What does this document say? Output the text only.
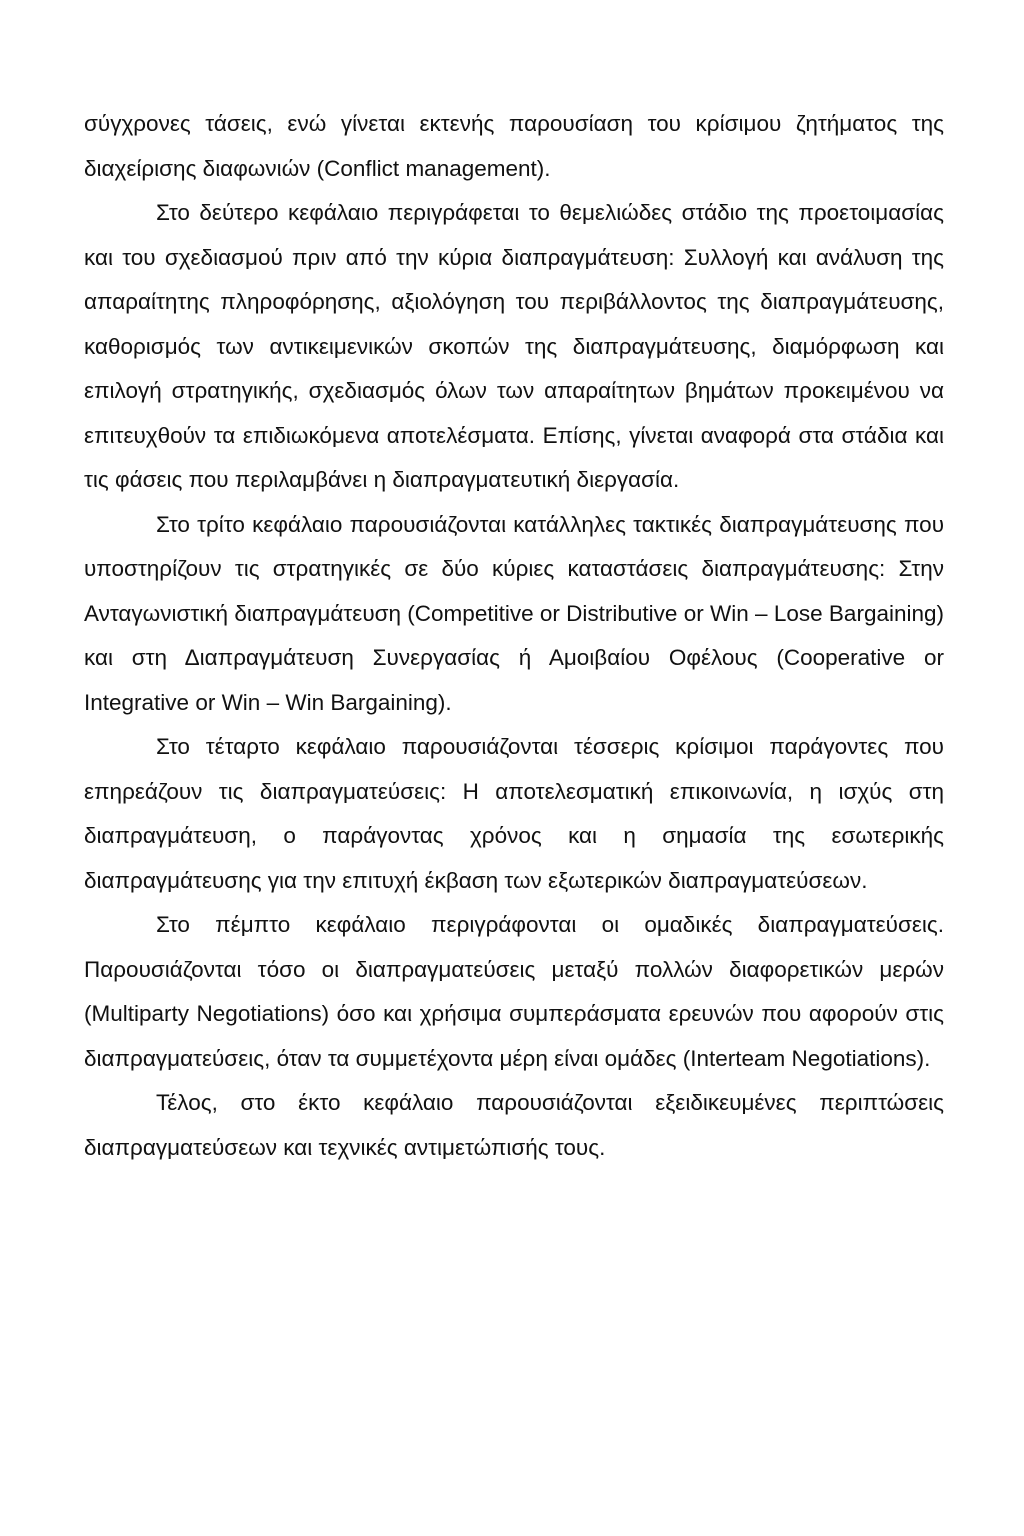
σύγχρονες τάσεις, ενώ γίνεται εκτενής παρουσίαση του κρίσιμου ζητήματος της διαχείρισης διαφωνιών (Conflict management).

Στο δεύτερο κεφάλαιο περιγράφεται το θεμελιώδες στάδιο της προετοιμασίας και του σχεδιασμού πριν από την κύρια διαπραγμάτευση: Συλλογή και ανάλυση της απαραίτητης πληροφόρησης, αξιολόγηση του περιβάλλοντος της διαπραγμάτευσης, καθορισμός των αντικειμενικών σκοπών της διαπραγμάτευσης, διαμόρφωση και επιλογή στρατηγικής, σχεδιασμός όλων των απαραίτητων βημάτων προκειμένου να επιτευχθούν τα επιδιωκόμενα αποτελέσματα. Επίσης, γίνεται αναφορά στα στάδια και τις φάσεις που περιλαμβάνει η διαπραγματευτική διεργασία.

Στο τρίτο κεφάλαιο παρουσιάζονται κατάλληλες τακτικές διαπραγμάτευσης που υποστηρίζουν τις στρατηγικές σε δύο κύριες καταστάσεις διαπραγμάτευσης: Στην Ανταγωνιστική διαπραγμάτευση (Competitive or Distributive or Win – Lose Bargaining) και στη Διαπραγμάτευση Συνεργασίας ή Αμοιβαίου Οφέλους (Cooperative or Integrative or Win – Win Bargaining).

Στο τέταρτο κεφάλαιο παρουσιάζονται τέσσερις κρίσιμοι παράγοντες που επηρεάζουν τις διαπραγματεύσεις: Η αποτελεσματική επικοινωνία, η ισχύς στη διαπραγμάτευση, ο παράγοντας χρόνος και η σημασία της εσωτερικής διαπραγμάτευσης για την επιτυχή έκβαση των εξωτερικών διαπραγματεύσεων.

Στο πέμπτο κεφάλαιο περιγράφονται οι ομαδικές διαπραγματεύσεις. Παρουσιάζονται τόσο οι διαπραγματεύσεις μεταξύ πολλών διαφορετικών μερών (Multiparty Negotiations) όσο και χρήσιμα συμπεράσματα ερευνών που αφορούν στις διαπραγματεύσεις, όταν τα συμμετέχοντα μέρη είναι ομάδες (Interteam Negotiations).

Τέλος, στο έκτο κεφάλαιο παρουσιάζονται εξειδικευμένες περιπτώσεις διαπραγματεύσεων και τεχνικές αντιμετώπισής τους.
